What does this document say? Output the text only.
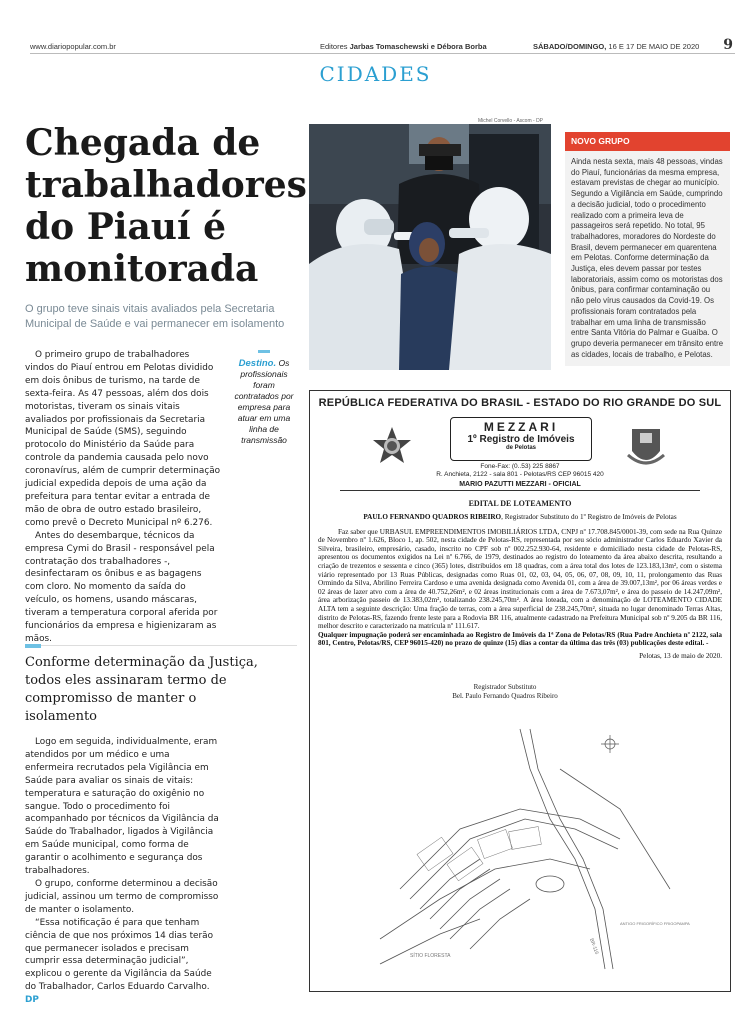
www.diariopopular.com.br	Editores Jarbas Tomaschewski e Débora Borba	SÁBADO/DOMINGO, 16 E 17 DE MAIO DE 2020 9
CIDADES
Chegada de trabalhadores do Piauí é monitorada
O grupo teve sinais vitais avaliados pela Secretaria Municipal de Saúde e vai permanecer em isolamento

O primeiro grupo de trabalhadores vindos do Piauí entrou em Pelotas dividido em dois ônibus de turismo, na tarde de sexta-feira. As 47 pessoas, além dos dois motoristas, tiveram os sinais vitais avaliados por profissionais da Secretaria Municipal de Saúde (SMS), seguindo protocolo do Ministério da Saúde para controle da pandemia causada pelo novo coronavírus, além de cumprir determinação judicial expedida depois de uma ação da prefeitura para tentar evitar a entrada de mão de obra de outro estado brasileiro, como prevê o Decreto Municipal nº 6.276.

Antes do desembarque, técnicos da empresa Cymi do Brasil - responsável pela contratação dos trabalhadores -, desinfectaram os ônibus e as bagagens com cloro. No momento da saída do veículo, os homens, usando máscaras, tiveram a temperatura corporal aferida por funcionários da empresa e higienizaram as mãos.

Conforme determinação da Justiça, todos eles assinaram termo de compromisso de manter o isolamento

Logo em seguida, individualmente, eram atendidos por um médico e uma enfermeira recrutados pela Vigilância em Saúde para avaliar os sinais de vitais: temperatura e saturação do oxigênio no sangue. Todo o procedimento foi acompanhado por técnicos da Vigilância da Saúde do Trabalhador, ligados à Vigilância em Saúde municipal, como forma de garantir o acolhimento e segurança dos trabalhadores.

O grupo, conforme determinou a decisão judicial, assinou um termo de compromisso de manter o isolamento.

“Essa notificação é para que tenham ciência de que nos próximos 14 dias terão que permanecer isolados e precisam cumprir essa determinação judicial”, explicou o gerente da Vigilância da Saúde do Trabalhador, Carlos Eduardo Carvalho. DP

Destino. Os profissionais foram contratados por empresa para atuar em uma linha de transmissão
Michel Corvello - Ascom - DP
NOVO GRUPO
Ainda nesta sexta, mais 48 pessoas, vindas do Piauí, funcionárias da mesma empresa, estavam previstas de chegar ao município. Segundo a Vigilância em Saúde, cumprindo a decisão judicial, todo o procedimento realizado com a primeira leva de passageiros será repetido. No total, 95 trabalhadores, moradores do Nordeste do Brasil, devem permanecer em quarentena em Pelotas. Conforme determinação da Justiça, eles devem passar por testes laboratoriais, assim como os motoristas dos ônibus, para confirmar contaminação ou não pelo vírus causados da Covid-19. Os profissionais foram contratados pela trabalhar em uma linha de transmissão entre Santa Vitória do Palmar e Guaíba. O grupo deveria permanecer em trânsito entre as cidades, locais de trabalho, e Pelotas.
REPÚBLICA FEDERATIVA DO BRASIL - ESTADO DO RIO GRANDE DO SUL
MEZZARI
1º Registro de Imóveis
de Pelotas
Fone-Fax: (0..53) 225 8867
R. Anchieta, 2122 - sala 801 - Pelotas/RS CEP 96015 420
MARIO PAZUTTI MEZZARI - OFICIAL
EDITAL DE LOTEAMENTO
PAULO FERNANDO QUADROS RIBEIRO, Registrador Substituto do 1º Registro de Imóveis de Pelotas

Faz saber que URBASUL EMPREENDIMENTOS IMOBILIÁRIOS LTDA, CNPJ nº 17.708.845/0001-39, com sede na Rua Quinze de Novembro nº 1.626, Bloco 1, ap. 502, nesta cidade de Pelotas-RS, representada por seu sócio administrador Carlos Eduardo Xavier da Silveira, brasileiro, empresário, casado, inscrito no CPF sob nº 002.252.930-64, residente e domiciliado nesta cidade de Pelotas-RS, apresentou os documentos exigidos na Lei nº 6.766, de 1979, destinados ao registro do loteamento da área abaixo descrita, resultando a criação de trezentos e sessenta e cinco (365) lotes, distribuídos em 18 quadras, com a área total dos lotes de 123.183,13m², com o sistema viário representado por 13 Ruas Públicas, designadas como Ruas 01, 02, 03, 04, 05, 06, 07, 08, 09, 10, 11, prolongamento das Ruas Ormindo da Silva, Abrilino Ferreira Cardoso e uma avenida designada como Avenida 01, com a área de 39.007,13m², por 06 áreas verdes e 02 áreas de lazer atvo com a área de 40.752,26m², e 02 áreas institucionais com a área de 7.673,07m², e área do passeio de 14.247,09m², área arborização passeio de 13.383,02m², totalizando 238.245,70m². A área loteada, com a denominação de LOTEAMENTO CIDADE ALTA tem a seguinte descrição: Uma fração de terras, com a área superficial de 238.245,70m², situada no lugar denominado Terras Altas, distrito de Pelotas-RS, fazendo frente leste para a Rodovia BR 116, atualmente cadastrado na Prefeitura Municipal sob nº 9.205 da BR 116, melhor descrito e caracterizado na matrícula nº 111.617.

Qualquer impugnação poderá ser encaminhada ao Registro de Imóveis da 1ª Zona de Pelotas/RS (Rua Padre Anchieta nº 2122, sala 801, Centro, Pelotas/RS, CEP 96015-420) no prazo de quinze (15) dias a contar da última das três (03) publicações deste edital. -

Pelotas, 13 de maio de 2020.
Registrador Substituto
Bel. Paulo Fernando Quadros Ribeiro
SÍTIO FLORESTA
ANTIGO FRIGORÍFICO FRIGOPAMPA
BR-116
